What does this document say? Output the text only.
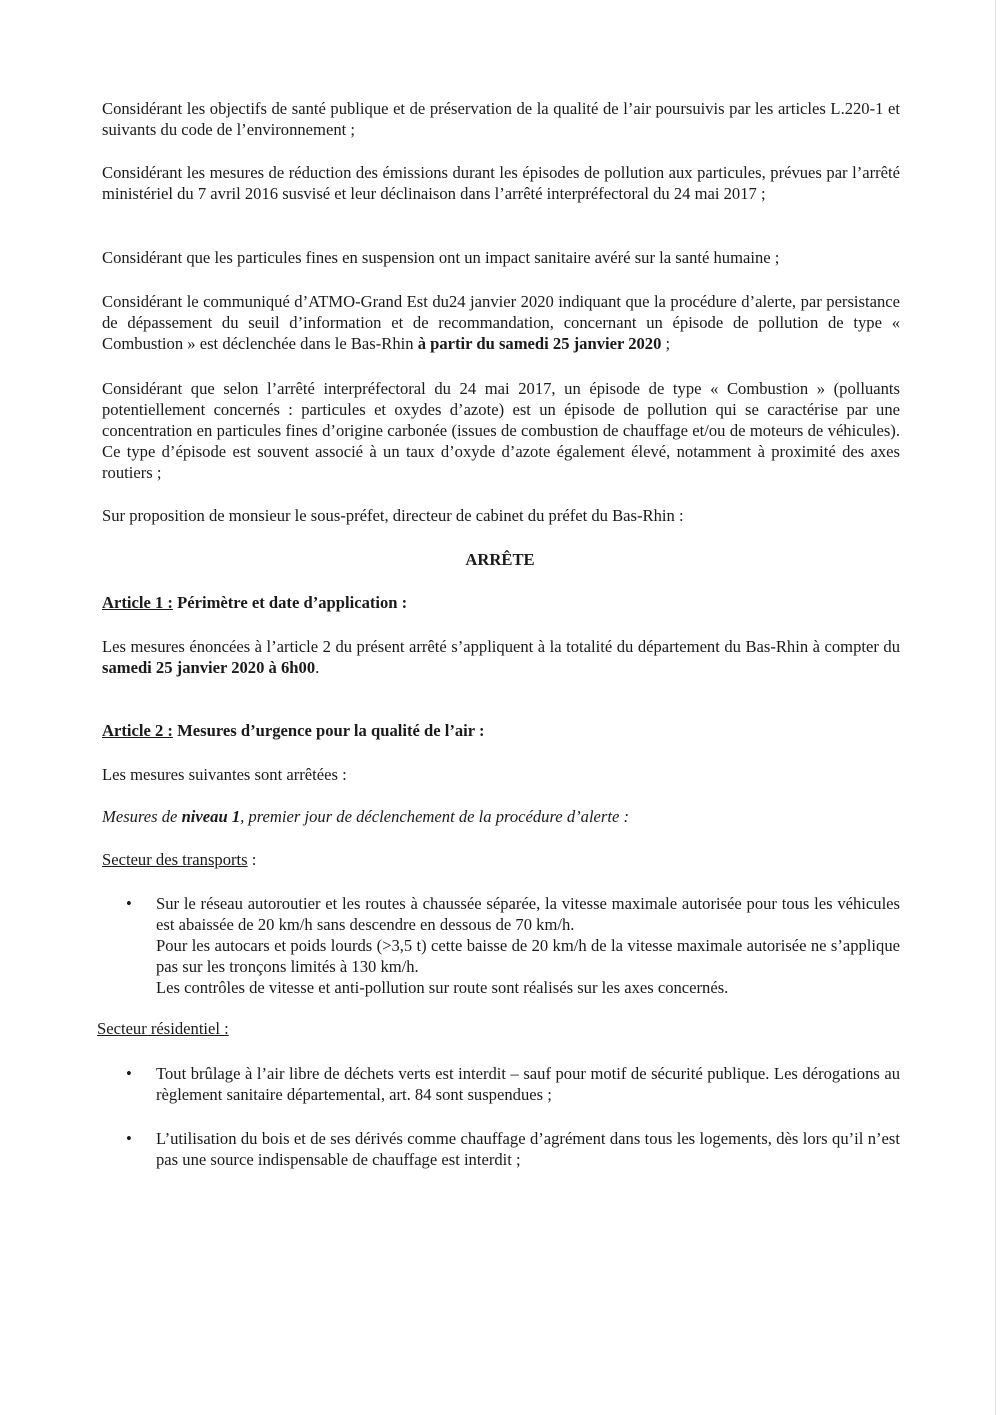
Considérant les objectifs de santé publique et de préservation de la qualité de l’air poursuivis par les articles L.220-1 et suivants du code de l’environnement ;

Considérant les mesures de réduction des émissions durant les épisodes de pollution aux particules, prévues par l’arrêté ministériel du 7 avril 2016 susvisé et leur déclinaison dans l’arrêté interpréfectoral du 24 mai 2017 ;

Considérant que les particules fines en suspension ont un impact sanitaire avéré sur la santé humaine ;

Considérant le communiqué d’ATMO-Grand Est du24 janvier 2020 indiquant que la procédure d’alerte, par persistance de dépassement du seuil d’information et de recommandation, concernant un épisode de pollution de type « Combustion » est déclenchée dans le Bas-Rhin à partir du samedi 25 janvier 2020 ;

Considérant que selon l’arrêté interpréfectoral du 24 mai 2017, un épisode de type « Combustion » (polluants potentiellement concernés : particules et oxydes d’azote) est un épisode de pollution qui se caractérise par une concentration en particules fines d’origine carbonée (issues de combustion de chauffage et/ou de moteurs de véhicules). Ce type d’épisode est souvent associé à un taux d’oxyde d’azote également élevé, notamment à proximité des axes routiers ;

Sur proposition de monsieur le sous-préfet, directeur de cabinet du préfet du Bas-Rhin :

ARRÊTE

Article 1 : Périmètre et date d’application :

Les mesures énoncées à l’article 2 du présent arrêté s’appliquent à la totalité du département du Bas-Rhin à compter du samedi 25 janvier 2020 à 6h00.

Article 2 : Mesures d’urgence pour la qualité de l’air :

Les mesures suivantes sont arrêtées :

Mesures de niveau 1, premier jour de déclenchement de la procédure d’alerte :

Secteur des transports :

• Sur le réseau autoroutier et les routes à chaussée séparée, la vitesse maximale autorisée pour tous les véhicules est abaissée de 20 km/h sans descendre en dessous de 70 km/h.

Pour les autocars et poids lourds (>3,5 t) cette baisse de 20 km/h de la vitesse maximale autorisée ne s’applique pas sur les tronçons limités à 130 km/h.

Les contrôles de vitesse et anti-pollution sur route sont réalisés sur les axes concernés.

Secteur résidentiel :

• Tout brûlage à l’air libre de déchets verts est interdit – sauf pour motif de sécurité publique. Les dérogations au règlement sanitaire départemental, art. 84 sont suspendues ;

• L’utilisation du bois et de ses dérivés comme chauffage d’agrément dans tous les logements, dès lors qu’il n’est pas une source indispensable de chauffage est interdit ;
